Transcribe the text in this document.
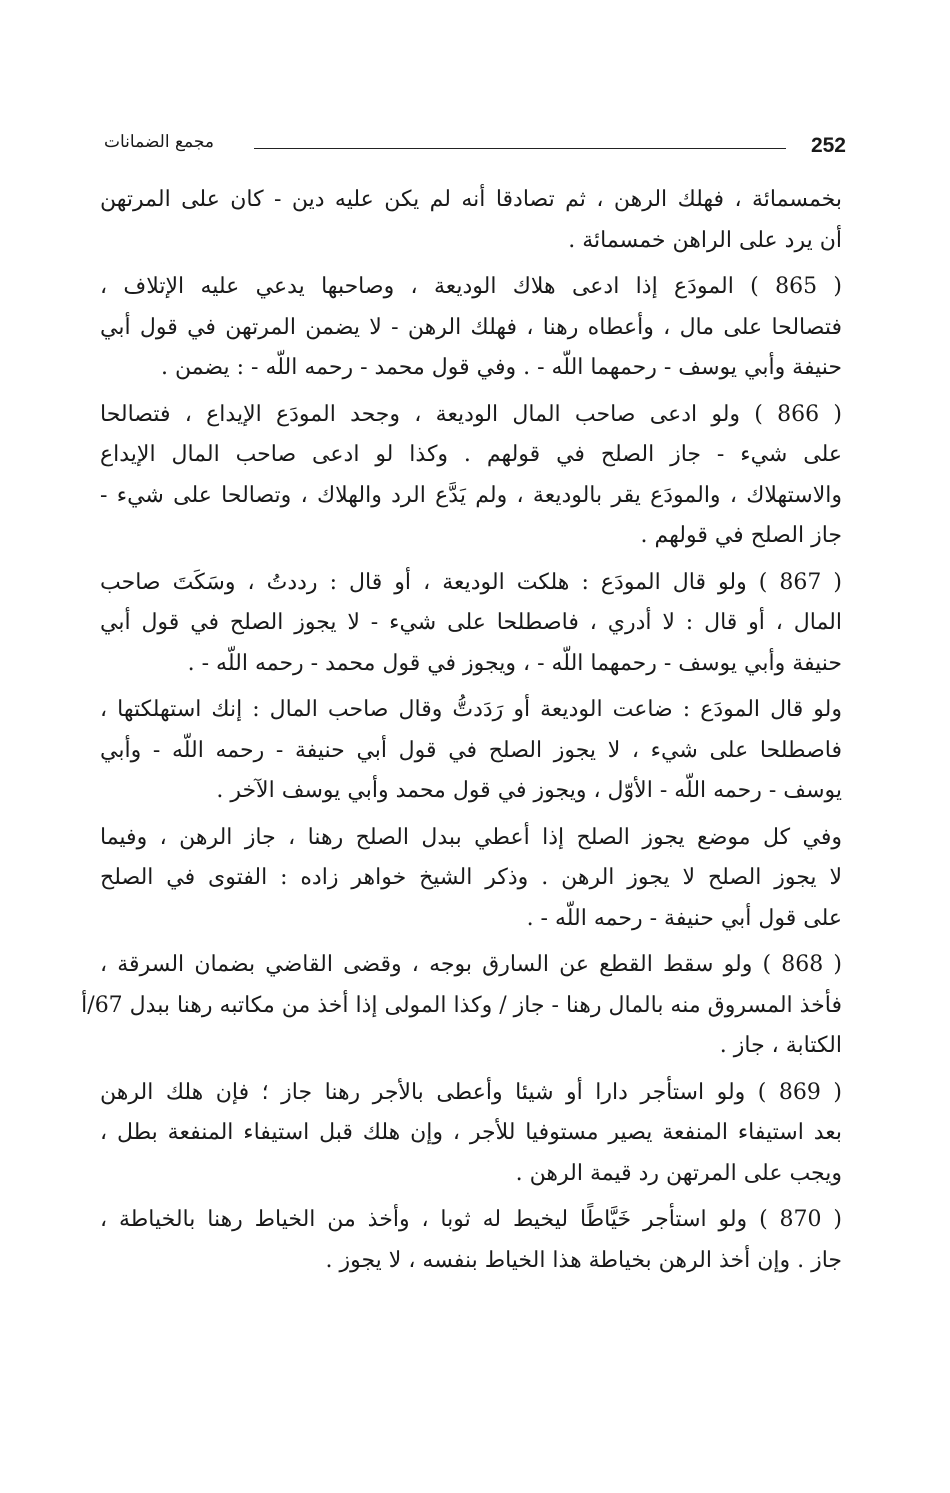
مجمع الضمانات	252
بخمسمائة ، فهلك الرهن ، ثم تصادقا أنه لم يكن عليه دين - كان على المرتهن
أن يرد على الراهن خمسمائة .
( 865 ) المودَع إذا ادعى هلاك الوديعة ، وصاحبها يدعي عليه الإتلاف ،
فتصالحا على مال ، وأعطاه رهنا ، فهلك الرهن - لا يضمن المرتهن في قول أبي
حنيفة وأبي يوسف - رحمهما اللّه - . وفي قول محمد - رحمه اللّه - : يضمن .
( 866 ) ولو ادعى صاحب المال الوديعة ، وجحد المودَع الإيداع ، فتصالحا
على شيء - جاز الصلح في قولهم . وكذا لو ادعى صاحب المال الإيداع
والاستهلاك ، والمودَع يقر بالوديعة ، ولم يَدَّع الرد والهلاك ، وتصالحا على شيء -
جاز الصلح في قولهم .
( 867 ) ولو قال المودَع : هلكت الوديعة ، أو قال : رددتُ ، وسَكَتَ صاحب
المال ، أو قال : لا أدري ، فاصطلحا على شيء - لا يجوز الصلح في قول أبي
حنيفة وأبي يوسف - رحمهما اللّه - ، ويجوز في قول محمد - رحمه اللّه - .
ولو قال المودَع : ضاعت الوديعة أو رَدَدتُّ وقال صاحب المال : إنك استهلكتها ،
فاصطلحا على شيء ، لا يجوز الصلح في قول أبي حنيفة - رحمه اللّه - وأبي
يوسف - رحمه اللّه - الأوّل ، ويجوز في قول محمد وأبي يوسف الآخر .
وفي كل موضع يجوز الصلح إذا أعطي ببدل الصلح رهنا ، جاز الرهن ، وفيما
لا يجوز الصلح لا يجوز الرهن . وذكر الشيخ خواهر زاده : الفتوى في الصلح
على قول أبي حنيفة - رحمه اللّه - .
( 868 ) ولو سقط القطع عن السارق بوجه ، وقضى القاضي بضمان السرقة ،
فأخذ المسروق منه بالمال رهنا - جاز / وكذا المولى إذا أخذ من مكاتبه رهنا ببدل 67/أ
الكتابة ، جاز .
( 869 ) ولو استأجر دارا أو شيئا وأعطى بالأجر رهنا جاز ؛ فإن هلك الرهن
بعد استيفاء المنفعة يصير مستوفيا للأجر ، وإن هلك قبل استيفاء المنفعة بطل ،
ويجب على المرتهن رد قيمة الرهن .
( 870 ) ولو استأجر خَيَّاطًا ليخيط له ثوبا ، وأخذ من الخياط رهنا بالخياطة ،
جاز . وإن أخذ الرهن بخياطة هذا الخياط بنفسه ، لا يجوز .
